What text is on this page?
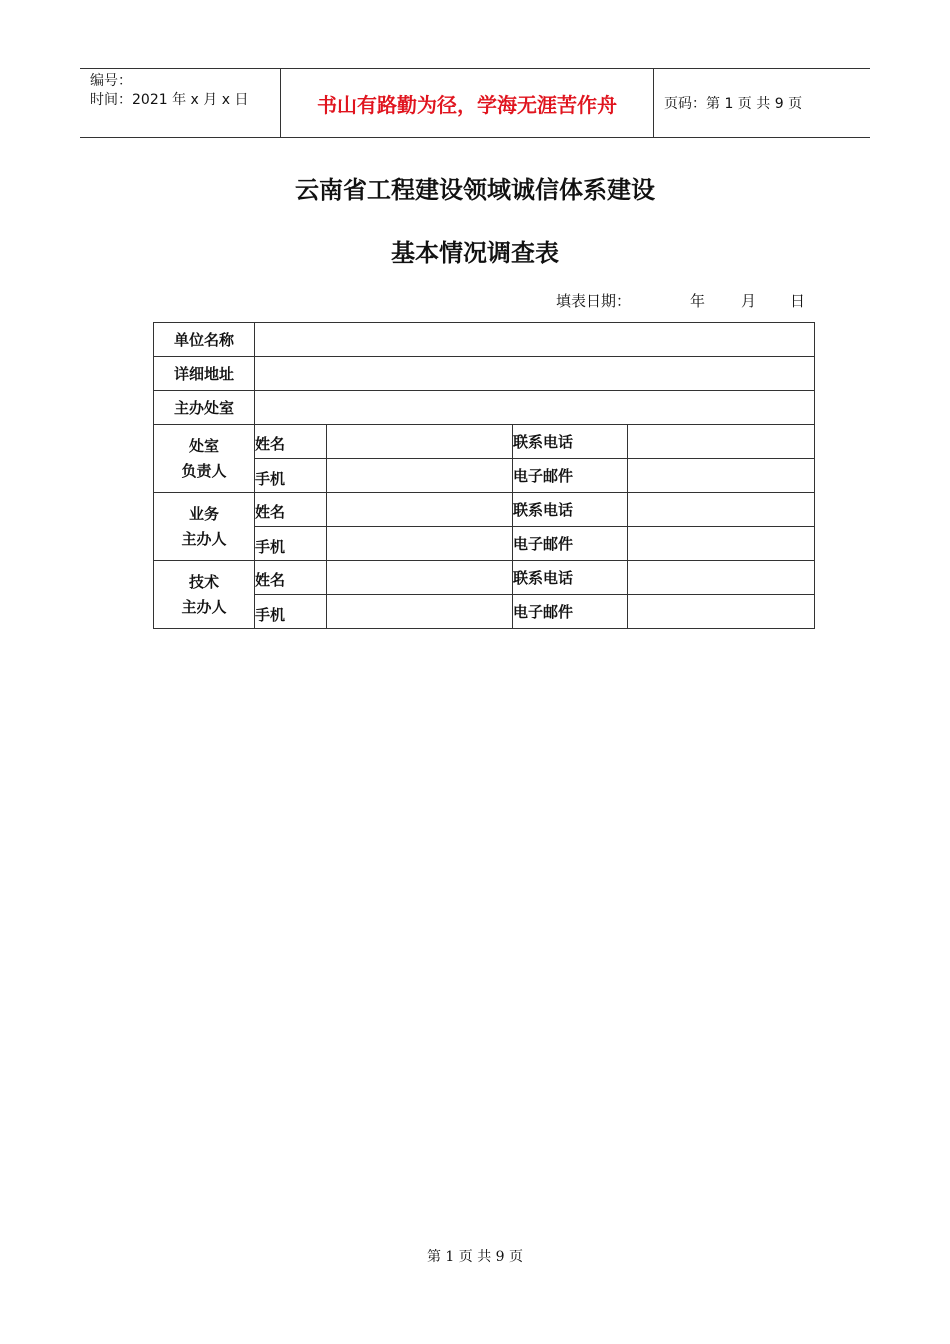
编号：
时间：2021 年 x 月 x 日	书山有路勤为径，学海无涯苦作舟	页码：第 1 页 共 9 页
云南省工程建设领域诚信体系建设
基本情况调查表
填表日期：	年 月 日
单位名称				
详细地址				
主办处室				

处室
负责人	姓名		联系电话	

	手机		电子邮件	

业务
主办人	姓名		联系电话	

	手机		电子邮件	

技术
主办人	姓名		联系电话	

	手机		电子邮件	
第 1 页 共 9 页
